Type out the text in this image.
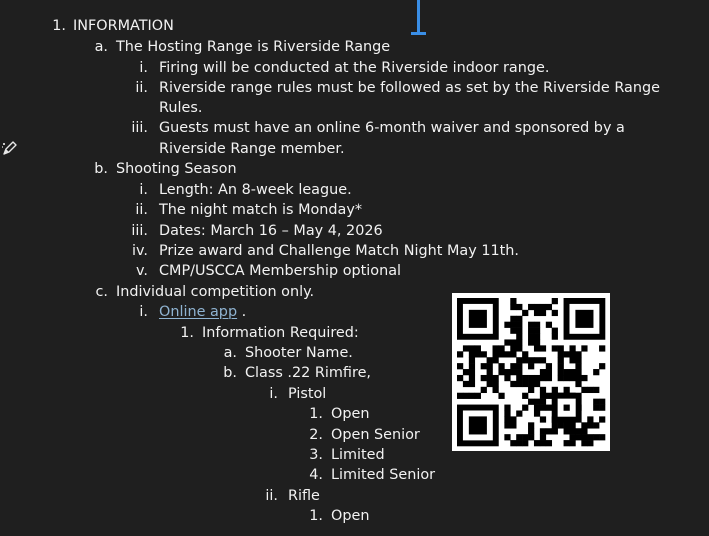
1. INFORMATION
a. The Hosting Range is Riverside Range
i. Firing will be conducted at the Riverside indoor range.
ii. Riverside range rules must be followed as set by the Riverside Range
Rules.
iii. Guests must have an online 6-month waiver and sponsored by a
Riverside Range member.
b. Shooting Season
i. Length: An 8-week league.
ii. The night match is Monday*
iii. Dates: March 16 – May 4, 2026
iv. Prize award and Challenge Match Night May 11th.
v. CMP/USCCA Membership optional
c. Individual competition only.
i. Online app .
1. Information Required:
a. Shooter Name.
b. Class .22 Rimfire,
i. Pistol
1. Open
2. Open Senior
3. Limited
4. Limited Senior
ii. Rifle
1. Open
